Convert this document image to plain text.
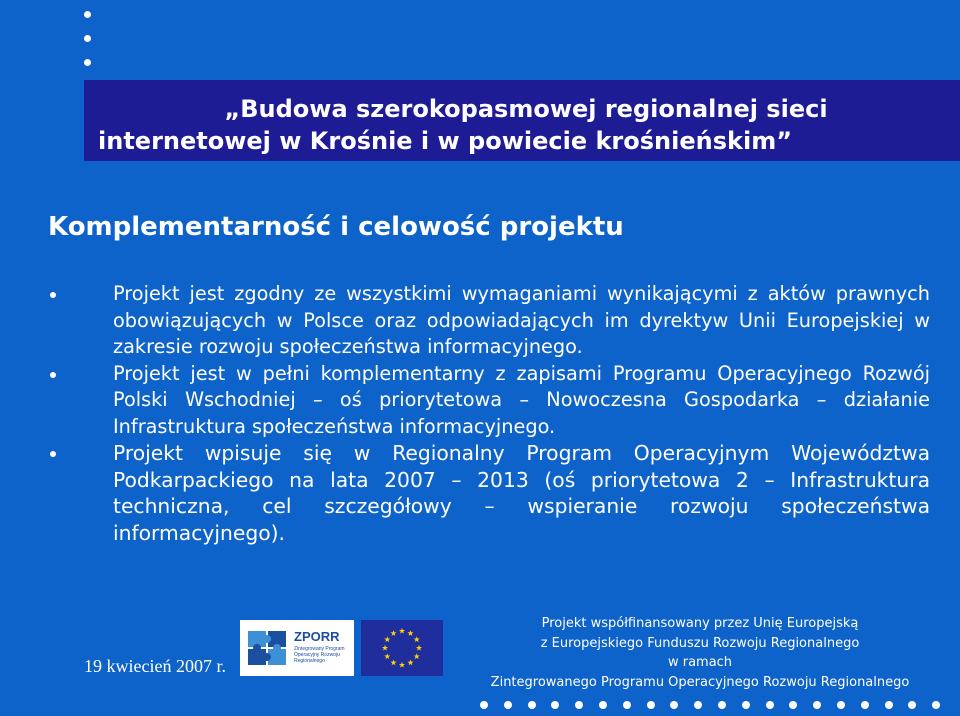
„Budowa szerokopasmowej regionalnej sieci
internetowej w Krośnie i w powiecie krośnieńskim”
Komplementarność i celowość projektu

Projekt jest zgodny ze wszystkimi wymaganiami wynikającymi z aktów prawnych obowiązujących w Polsce oraz odpowiadających im dyrektyw Unii Europejskiej w zakresie rozwoju społeczeństwa informacyjnego.

Projekt jest w pełni komplementarny z zapisami Programu Operacyjnego Rozwój Polski Wschodniej – oś priorytetowa – Nowoczesna Gospodarka – działanie Infrastruktura społeczeństwa informacyjnego.

Projekt wpisuje się w Regionalny Program Operacyjnym Województwa Podkarpackiego na lata 2007 – 2013 (oś priorytetowa 2 – Infrastruktura techniczna, cel szczegółowy – wspieranie rozwoju społeczeństwa informacyjnego).

19 kwiecień 2007 r.
ZPORR
Zintegrowany Program Operacyjny Rozwoju Regionalnego
Projekt współfinansowany przez Unię Europejską
z Europejskiego Funduszu Rozwoju Regionalnego
w ramach
Zintegrowanego Programu Operacyjnego Rozwoju Regionalnego
